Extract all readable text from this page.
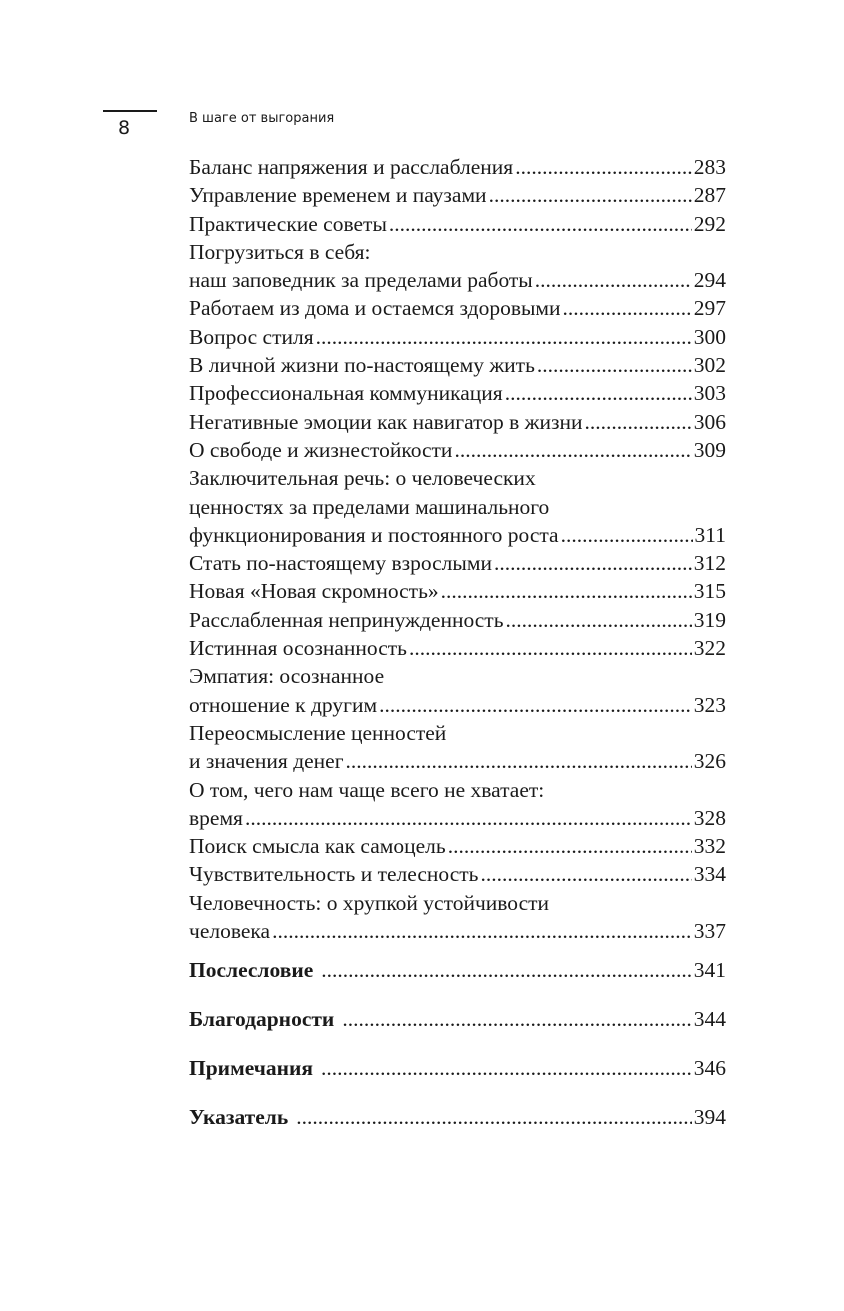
8	В шаге от выгорания
Баланс напряжения и расслабления .....	283
Управление временем и паузами .....	287
Практические советы .....	292
Погрузиться в себя:
наш заповедник за пределами работы .....	294
Работаем из дома и остаемся здоровыми .....	297
Вопрос стиля .....	300
В личной жизни по-настоящему жить .....	302
Профессиональная коммуникация .....	303
Негативные эмоции как навигатор в жизни .....	306
О свободе и жизнестойкости .....	309
Заключительная речь: о человеческих
ценностях за пределами машинального
функционирования и постоянного роста .....	311
Стать по-настоящему взрослыми .....	312
Новая «Новая скромность» .....	315
Расслабленная непринужденность .....	319
Истинная осознанность .....	322
Эмпатия: осознанное
отношение к другим .....	323
Переосмысление ценностей
и значения денег .....	326
О том, чего нам чаще всего не хватает:
время .....	328
Поиск смысла как самоцель .....	332
Чувствительность и телесность .....	334
Человечность: о хрупкой устойчивости
человека .....	337
Послесловие .....	341
Благодарности .....	344
Примечания .....	346
Указатель .....	394
